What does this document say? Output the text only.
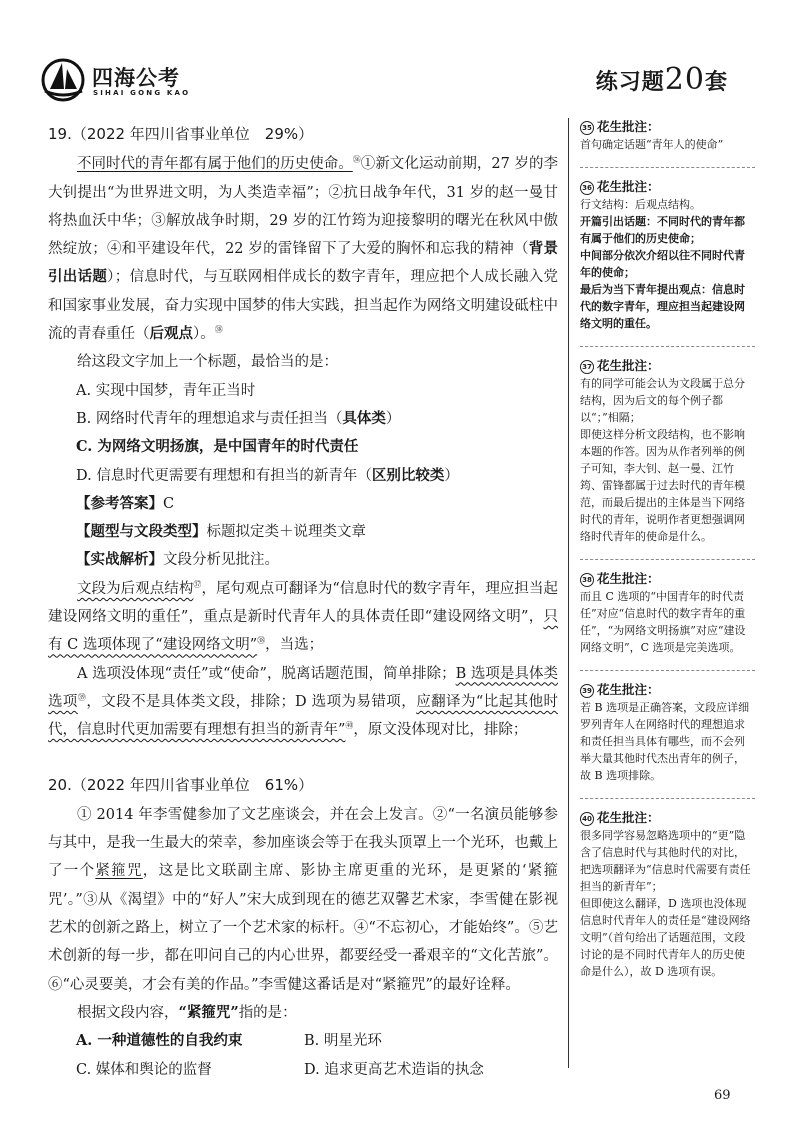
四海公考
SIHAI GONG KAO	练习题20套

19.（2022 年四川省事业单位　29%）

不同时代的青年都有属于他们的历史使命。$^㊱$①新文化运动前期，27 岁的李大钊提出“为世界进文明，为人类造幸福”；②抗日战争年代，31 岁的赵一曼甘将热血沃中华；③解放战争时期，29 岁的江竹筠为迎接黎明的曙光在秋风中傲然绽放；④和平建设年代，22 岁的雷锋留下了大爱的胸怀和忘我的精神（背景引出话题）；信息时代，与互联网相伴成长的数字青年，理应把个人成长融入党和国家事业发展，奋力实现中国梦的伟大实践，担当起作为网络文明建设砥柱中流的青春重任（后观点）。$^㊳$

给这段文字加上一个标题，最恰当的是：

A. 实现中国梦，青年正当时

B. 网络时代青年的理想追求与责任担当（具体类）

C. 为网络文明扬旗，是中国青年的时代责任

D. 信息时代更需要有理想和有担当的新青年（区别比较类）

【参考答案】C

【题型与文段类型】标题拟定类＋说理类文章

【实战解析】文段分析见批注。

文段为后观点结构$^㊲$，尾句观点可翻译为“信息时代的数字青年，理应担当起建设网络文明的重任”，重点是新时代青年人的具体责任即“建设网络文明”，只有 C 选项体现了“建设网络文明”$^㊳$，当选；

A 选项没体现“责任”或“使命”，脱离话题范围，简单排除；B 选项是具体类选项$^㊴$，文段不是具体类文段，排除；D 选项为易错项，应翻译为“比起其他时代，信息时代更加需要有理想有担当的新青年”$^㊵$，原文没体现对比，排除；

20.（2022 年四川省事业单位　61%）

① 2014 年李雪健参加了文艺座谈会，并在会上发言。②“一名演员能够参与其中，是我一生最大的荣幸，参加座谈会等于在我头顶罩上一个光环，也戴上了一个紧箍咒，这是比文联副主席、影协主席更重的光环，是更紧的‘紧箍咒’。”③从《渴望》中的“好人”宋大成到现在的德艺双馨艺术家，李雪健在影视艺术的创新之路上，树立了一个艺术家的标杆。④“不忘初心，才能始终”。⑤艺术创新的每一步，都在叩问自己的内心世界，都要经受一番艰辛的“文化苦旅”。⑥“心灵要美，才会有美的作品。”李雪健这番话是对“紧箍咒”的最好诠释。

根据文段内容，“紧箍咒”指的是：

A. 一种道德性的自我约束	B. 明星光环
C. 媒体和舆论的监督	D. 追求更高艺术造诣的执念
35 花生批注：

首句确定话题“青年人的使命”

36 花生批注：

行文结构：后观点结构。

开篇引出话题：不同时代的青年都有属于他们的历史使命；

中间部分依次介绍以往不同时代青年的使命；

最后为当下青年提出观点：信息时代的数字青年，理应担当起建设网络文明的重任。

37 花生批注：

有的同学可能会认为文段属于总分结构，因为后文的每个例子都以“；”相隔；

即使这样分析文段结构，也不影响本题的作答。因为从作者列举的例子可知，李大钊、赵一曼、江竹筠、雷锋都属于过去时代的青年模范，而最后提出的主体是当下网络时代的青年，说明作者更想强调网络时代青年的使命是什么。

38 花生批注：

而且 C 选项的“中国青年的时代责任”对应“信息时代的数字青年的重任”，“为网络文明扬旗”对应“建设网络文明”，C 选项是完美选项。

39 花生批注：

若 B 选项是正确答案，文段应详细罗列青年人在网络时代的理想追求和责任担当具体有哪些，而不会列举大量其他时代杰出青年的例子，故 B 选项排除。

40 花生批注：

很多同学容易忽略选项中的“更”隐含了信息时代与其他时代的对比，把选项翻译为“信息时代需要有责任担当的新青年”；

但即使这么翻译，D 选项也没体现信息时代青年人的责任是“建设网络文明”（首句给出了话题范围，文段讨论的是不同时代青年人的历史使命是什么），故 D 选项有误。

69
